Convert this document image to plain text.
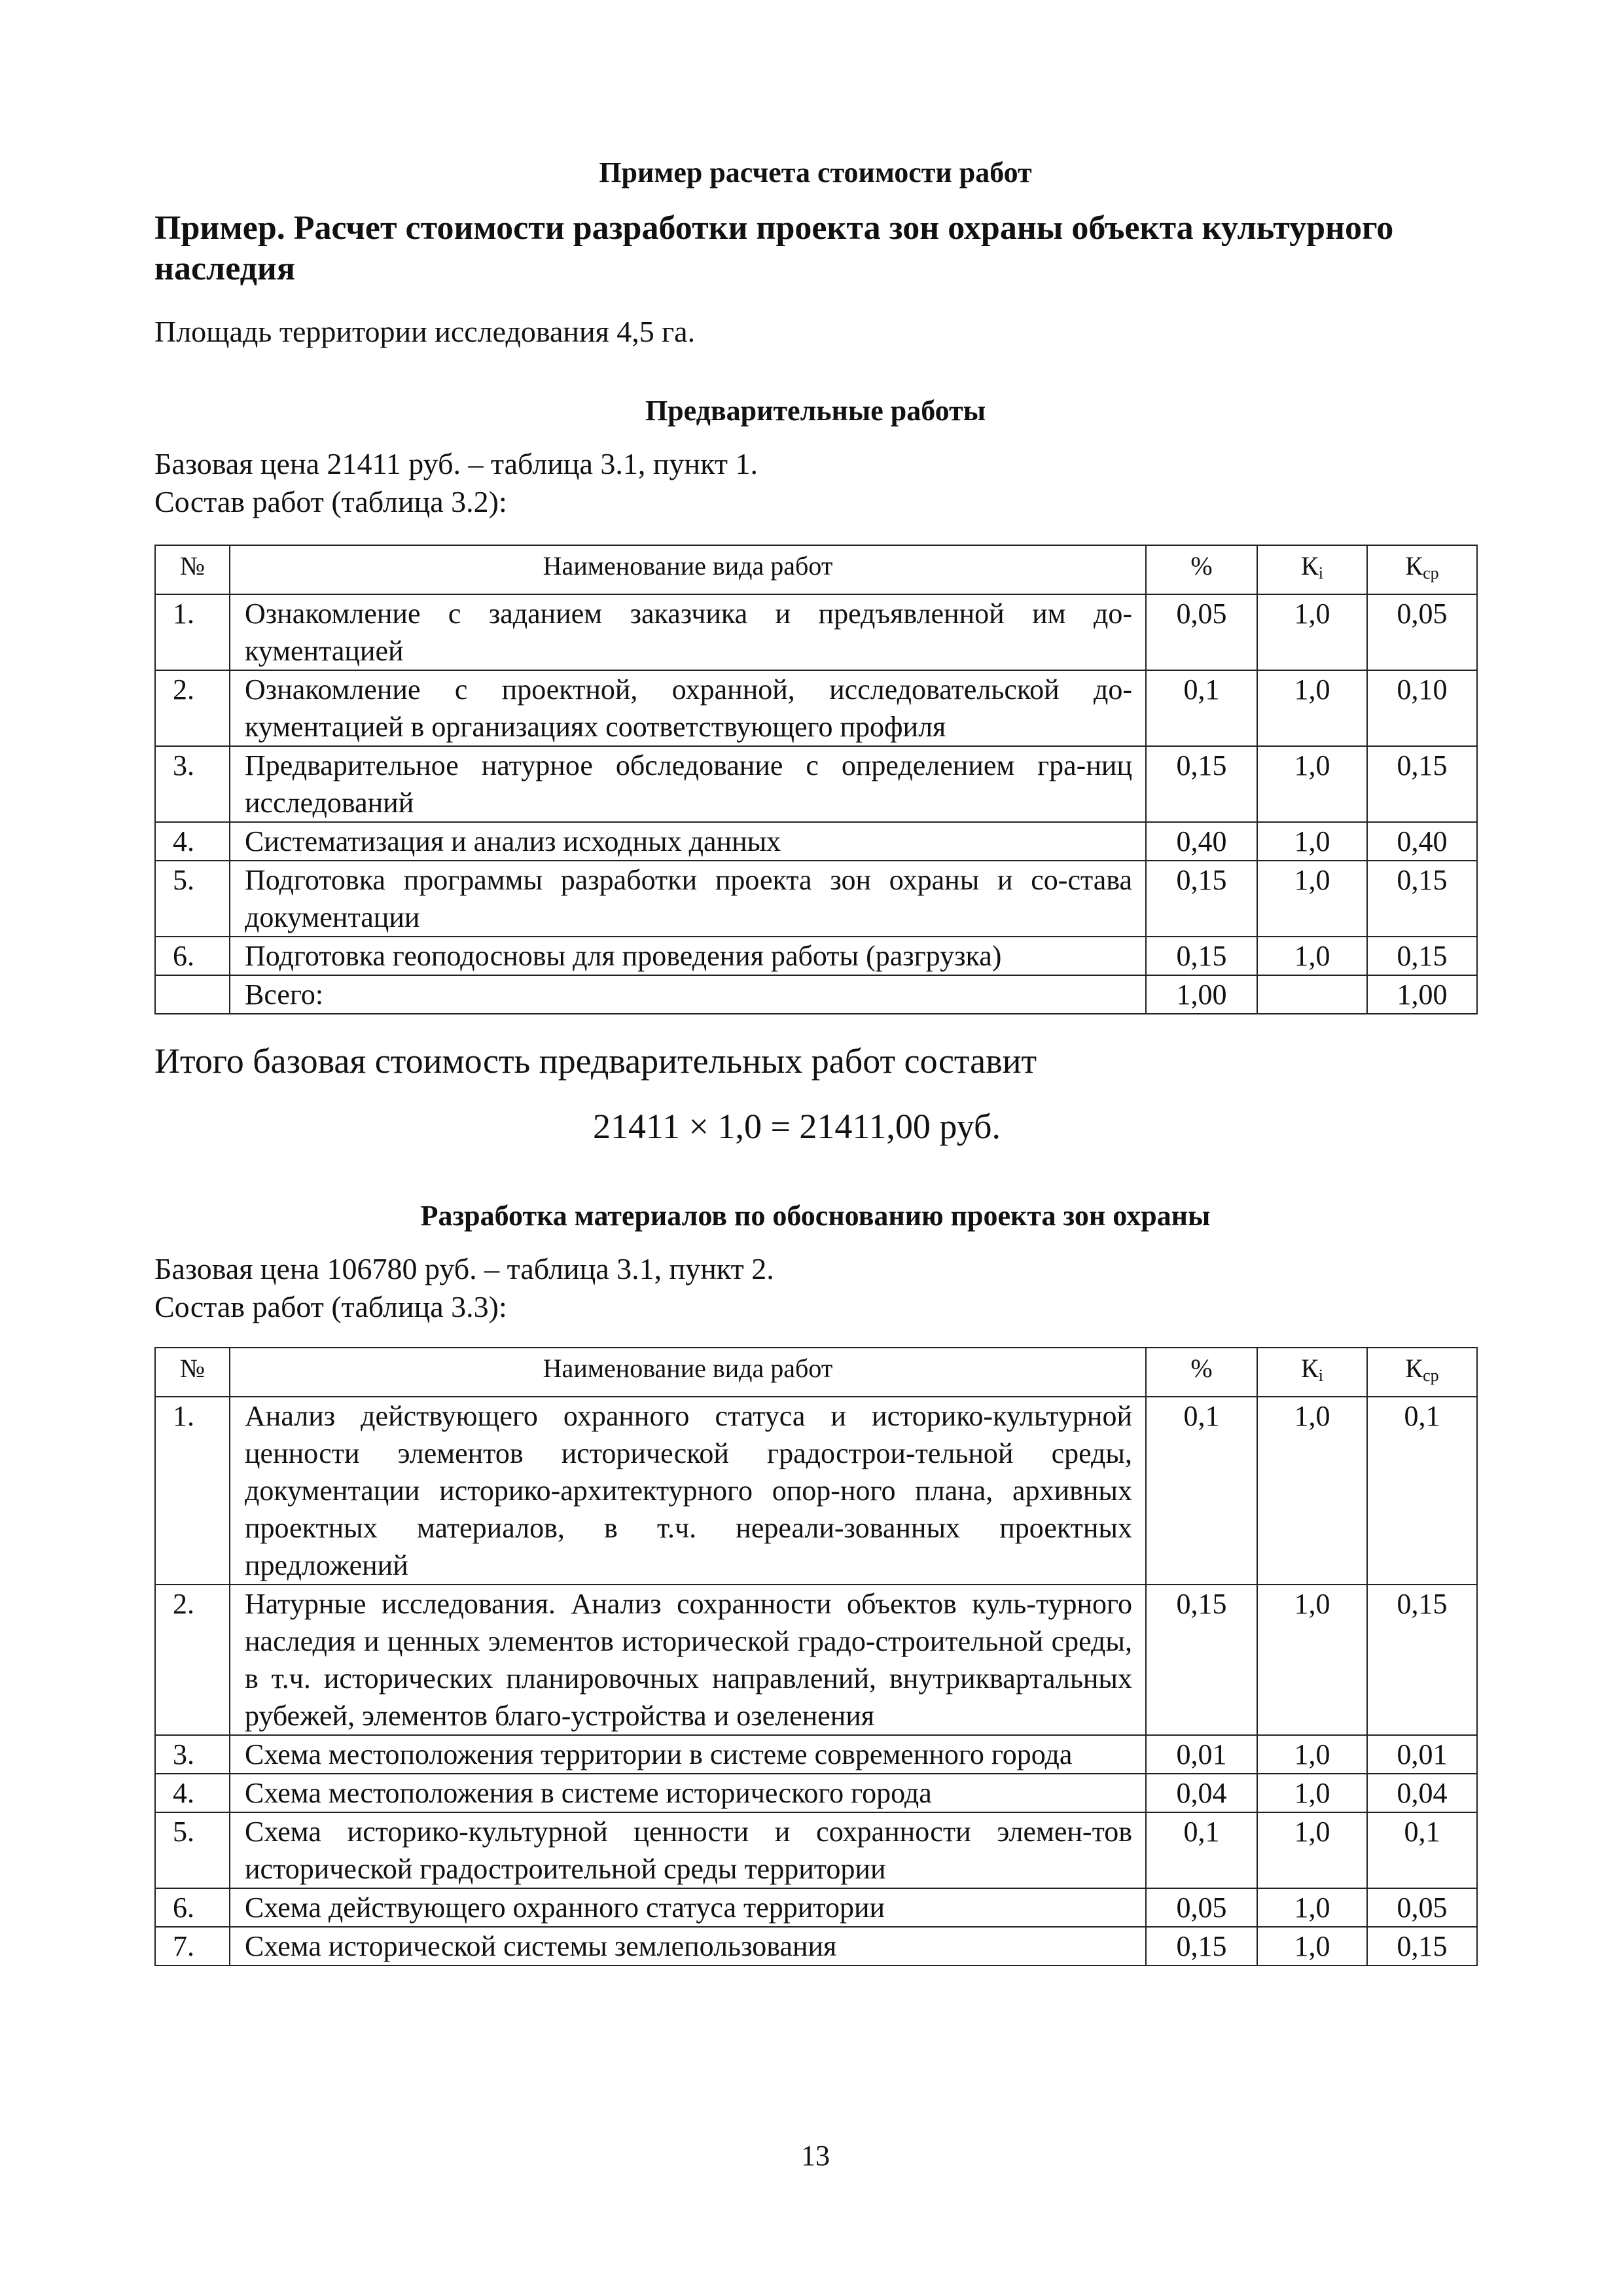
Пример расчета стоимости работ
Пример. Расчет стоимости разработки проекта зон охраны объекта культурного наследия
Площадь территории исследования 4,5 га.
Предварительные работы
Базовая цена 21411 руб. – таблица 3.1, пункт 1.
Состав работ (таблица 3.2):
№	Наименование вида работ	%	$К_i$	$К_{ср}$
1.	Ознакомление с заданием заказчика и предъявленной им до-кументацией	0,05	1,0	0,05
2.	Ознакомление с проектной, охранной, исследовательской до-кументацией в организациях соответствующего профиля	0,1	1,0	0,10
3.	Предварительное натурное обследование с определением гра-ниц исследований	0,15	1,0	0,15
4.	Систематизация и анализ исходных данных	0,40	1,0	0,40
5.	Подготовка программы разработки проекта зон охраны и со-става документации	0,15	1,0	0,15
6.	Подготовка геоподосновы для проведения работы (разгрузка)	0,15	1,0	0,15
	Всего:	1,00		1,00
Итого базовая стоимость предварительных работ составит
21411 × 1,0 = 21411,00 руб.
Разработка материалов по обоснованию проекта зон охраны
Базовая цена 106780 руб. – таблица 3.1, пункт 2.
Состав работ (таблица 3.3):
№	Наименование вида работ	%	$К_i$	$К_{ср}$
1.	Анализ действующего охранного статуса и историко-культурной ценности элементов исторической градострои-тельной среды, документации историко-архитектурного опор-ного плана, архивных проектных материалов, в т.ч. нереали-зованных проектных предложений	0,1	1,0	0,1
2.	Натурные исследования. Анализ сохранности объектов куль-турного наследия и ценных элементов исторической градо-строительной среды, в т.ч. исторических планировочных направлений, внутриквартальных рубежей, элементов благо-устройства и озеленения	0,15	1,0	0,15
3.	Схема местоположения территории в системе современного города	0,01	1,0	0,01
4.	Схема местоположения в системе исторического города	0,04	1,0	0,04
5.	Схема историко-культурной ценности и сохранности элемен-тов исторической градостроительной среды территории	0,1	1,0	0,1
6.	Схема действующего охранного статуса территории	0,05	1,0	0,05
7.	Схема исторической системы землепользования	0,15	1,0	0,15
13
